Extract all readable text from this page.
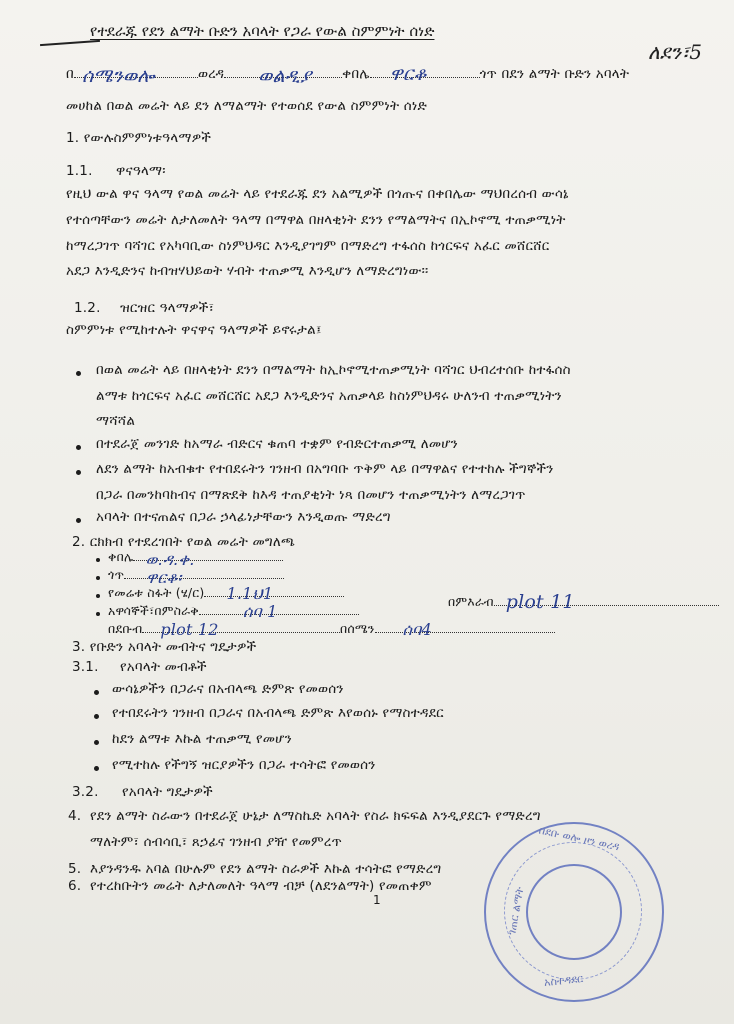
የተደራጁ የደን ልማት ቡድን አባላት የጋራ የውል ስምምነት ሰነድ
ለደን፣5
በ ሰሜንወሎ	ወረዳ ወልዲያ ቀበሌ ዋርቆ	ጎጥ በደን ልማት ቡድን አባላት
መሀከል በወል መሬት ላይ ደን ለማልማት የተወሰደ የውል ስምምነት ሰነድ
1. የውሉስምምነቱዓላማዎች
1.1. ዋናዓላማ፡
የዚህ ውል ዋና ዓላማ የወል መሬት ላይ የተደራጁ ደን አልሚዎች በጎጡና በቀበሌው ማህበረሰብ ውሳኔ
የተሰጣቸውን መሬት ለታለመለት ዓላማ በማዋል በዘላቂነት ደንን የማልማትና በኢኮኖሚ ተጠቃሚነት
ከማረጋገጥ ባሻገር የአካባቢው ስነምህዳር እንዲያገግም በማድረግ ተፋሰስ ከጎርፍና አፈር መሸርሸር
አደጋ እንዲድንና ከብዝሃህይወት ሃብት ተጠቃሚ እንዲሆን ለማድረግነው፡፡
1.2. ዝርዝር ዓላማዎች፣
ስምምነቱ የሚከተሉት ዋናዋና ዓላማዎች ይኖሩታል፤
በወል መሬት ላይ በዘላቂነት ደንን በማልማት ከኢኮኖሚተጠቃሚነት ባሻገር ህብረተሰቡ ከተፋሰስ
ልማቱ ከጎርፍና አፈር መሸርሸር አደጋ እንዲድንና አጠቃላይ ከስነምህዳሩ ሁለንብ ተጠቃሚነትን
ማሻሻል
በተደራጀ መንገድ ከአማራ ብድርና ቁጠባ ተቋም የብድርተጠቃሚ ለመሆን
ለደን ልማት ከአብቁተ የተበደሩትን ገንዘብ በአግባቡ ጥቅም ላይ በማዋልና የተተከሉ ችግኞችን
በጋራ በመንከባከብና በማጽደቅ ከእዳ ተጠያቂነት ነጻ በመሆን ተጠቃሚነትን ለማረጋገጥ
አባላት በተናጠልና በጋራ ኃላፊነታቸውን እንዲወጡ ማድረግ
2. ርክክብ የተደረገበት የወል መሬት መግለጫ
ቀበሌ ወ.ዳ.ቀ.
ጎጥ ዋርቆ፡
የመሬቱ ስፋት (ሄ/ር) 1.1ህ1
አዋሳኞች፣በምስራቅ	ሰባ 1
በምእራብ plot 11
በደቡብ plot 12	በሰሜን ሰባ4
3. የቡድን አባላት መብትና ግዴታዎች
3.1. የአባላት መብቶች
ውሳኔዎችን በጋራና በአብላጫ ድምጽ የመወሰን
የተበደሩትን ገንዘብ በጋራና በአብላጫ ድምጽ እየወሰኑ የማስተዳደር
ከደን ልማቱ እኩል ተጠቃሚ የመሆን
የሚተከሉ የችግኝ ዝርያዎችን በጋራ ተሳትፎ የመወሰን
3.2. የአባላት ግዴታዎች
4. የደን ልማት ስራውን በተደራጀ ሁኔታ ለማስኬድ አባላት የስራ ክፍፍል እንዲያደርጉ የማድረግ
ማለትም፣ ሰብሳቢ፣ ጸኃፊና ገንዘብ ያዥ የመምረጥ
5. እያንዳንዱ አባል በሁሉም የደን ልማት ስራዎች እኩል ተሳትፎ የማድረግ
6. የተረከቡትን መሬት ለታለመለት ዓላማ ብቻ (ለደንልማት) የመጠቀም
1
በደቡ ወሎ ዞን ወረዳ
ገጠር ልማት
አስተዳደር
